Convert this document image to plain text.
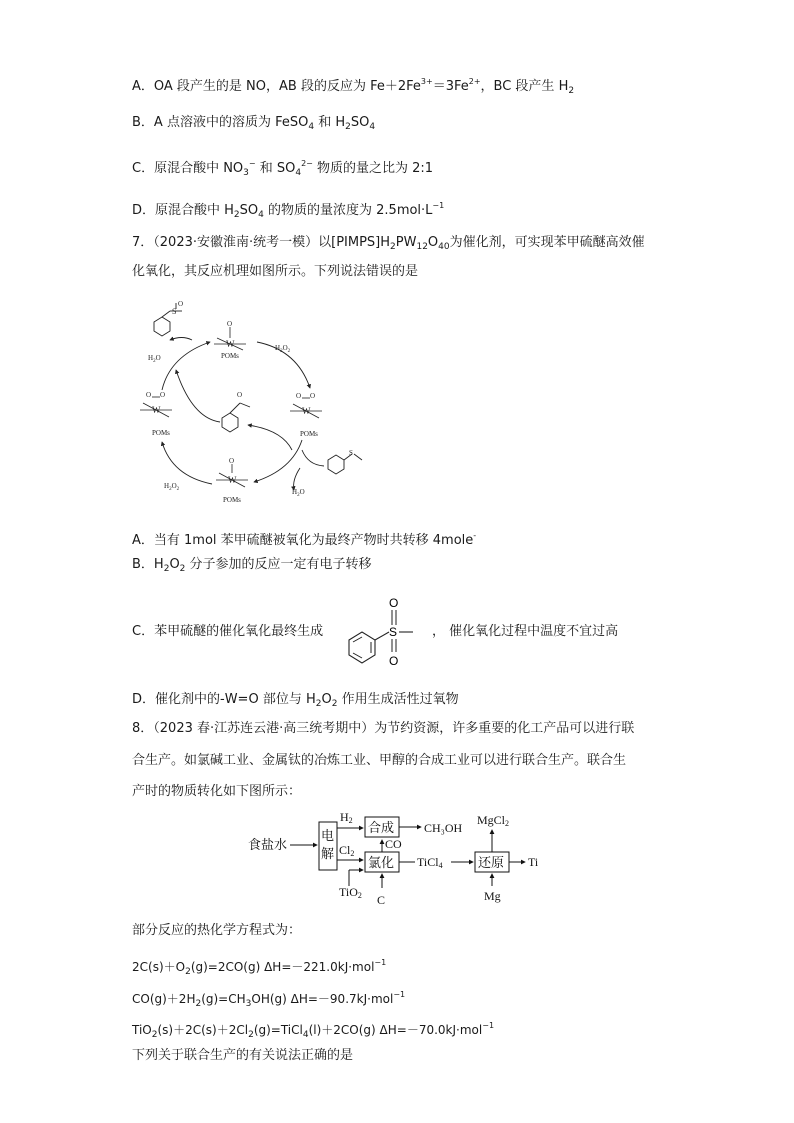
A．OA 段产生的是 NO，AB 段的反应为 $Fe+2Fe^{3+}=3Fe^{2+}$，BC 段产生 $H_2$
B．A 点溶液中的溶质为 FeSO$_4$ 和 $H_2SO_4$
C．原混合酸中 $NO_3^-$ 和 $SO_4^{2-}$ 物质的量之比为 2:1
D．原混合酸中 $H_2SO_4$ 的物质的量浓度为 $2.5mol\cdot L^{-1}$
7．（2023·安徽淮南·统考一模）以$[PIMPS]H_2PW_{12}O_{40}$为催化剂，可实现苯甲硫醚高效催
化氧化，其反应机理如图所示。下列说法错误的是
S
O
W
O
POMs
W
O O
POMs
W
O O
POMs
W
O
POMs
O
S
$H_2O$
$H_2O_2$
$H_2O_2$	$H_2O$
A．当有 1mol 苯甲硫醚被氧化为最终产物时共转移 4mole-
B．$H_2O_2$ 分子参加的反应一定有电子转移
C．苯甲硫醚的催化氧化最终生成	S
O
O
， 催化氧化过程中温度不宜过高
D．催化剂中的-W=O 部位与 $H_2O_2$ 作用生成活性过氧物
8．（2023 春·江苏连云港·高三统考期中）为节约资源，许多重要的化工产品可以进行联
合生产。如氯碱工业、金属钛的冶炼工业、甲醇的合成工业可以进行联合生产。联合生
产时的物质转化如下图所示：
食盐水
电
解
H2
合成 CH₃OH
Cl2
氯化
CO
TiO2 C
TiCl4	还原
MgCl2
Ti
Mg
部分反应的热化学方程式为：
$2C(s)+O_2(g)=2CO(g)$ ΔH=－221.0kJ·mol$^{-1}$
$CO(g)+2H_2(g)=CH_3OH(g)$ ΔH=－90.7kJ·mol$^{-1}$
$TiO_2(s)+2C(s)+2Cl_2(g)=TiCl_4(l)+2CO(g)$ ΔH=－70.0kJ·mol$^{-1}$
下列关于联合生产的有关说法正确的是
